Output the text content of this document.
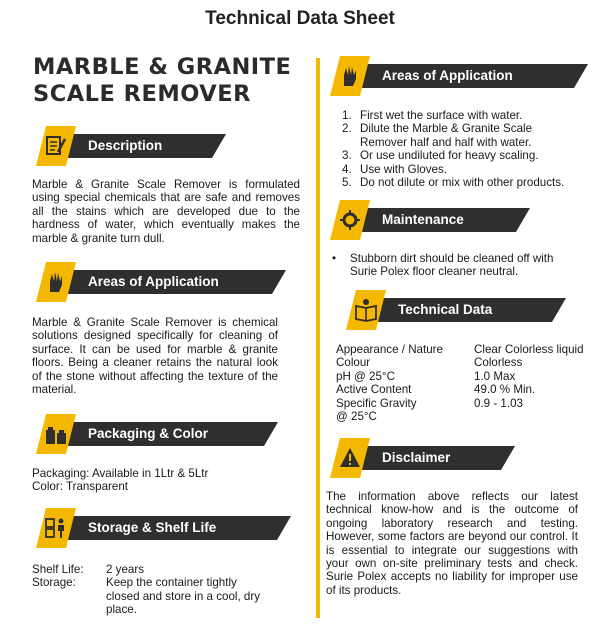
Technical Data Sheet
MARBLE & GRANITE
SCALE REMOVER
Description
Marble & Granite Scale Remover is formulated using special chemicals that are safe and removes all the stains which are developed due to the hardness of water, which eventually makes the marble & granite turn dull.
Areas of Application
Marble & Granite Scale Remover is chemical solutions designed specifically for cleaning of surface. It can be used for marble & granite floors. Being a cleaner retains the natural look of the stone without affecting the texture of the material.
Packaging & Color
Packaging: Available in 1Ltr & 5Ltr
Color: Transparent
Storage & Shelf Life
Shelf Life:	2 years
Storage:	Keep the container tightly closed and store in a cool, dry place.
Areas of Application
1. First wet the surface with water.
2. Dilute the Marble & Granite Scale Remover half and half with water.
3. Or use undiluted for heavy scaling.
4. Use with Gloves.
5. Do not dilute or mix with other products.
Maintenance
•	Stubborn dirt should be cleaned off with Surie Polex floor cleaner neutral.
Technical Data
Appearance / Nature	Clear Colorless liquid
Colour	Colorless
pH @ 25°C	1.0 Max
Active Content	49.0 % Min.
Specific Gravity	0.9 - 1.03
@ 25°C
Disclaimer
The information above reflects our latest technical know-how and is the outcome of ongoing laboratory research and testing. However, some factors are beyond our control. It is essential to integrate our suggestions with your own on-site preliminary tests and check. Surie Polex accepts no liability for improper use of its products.
